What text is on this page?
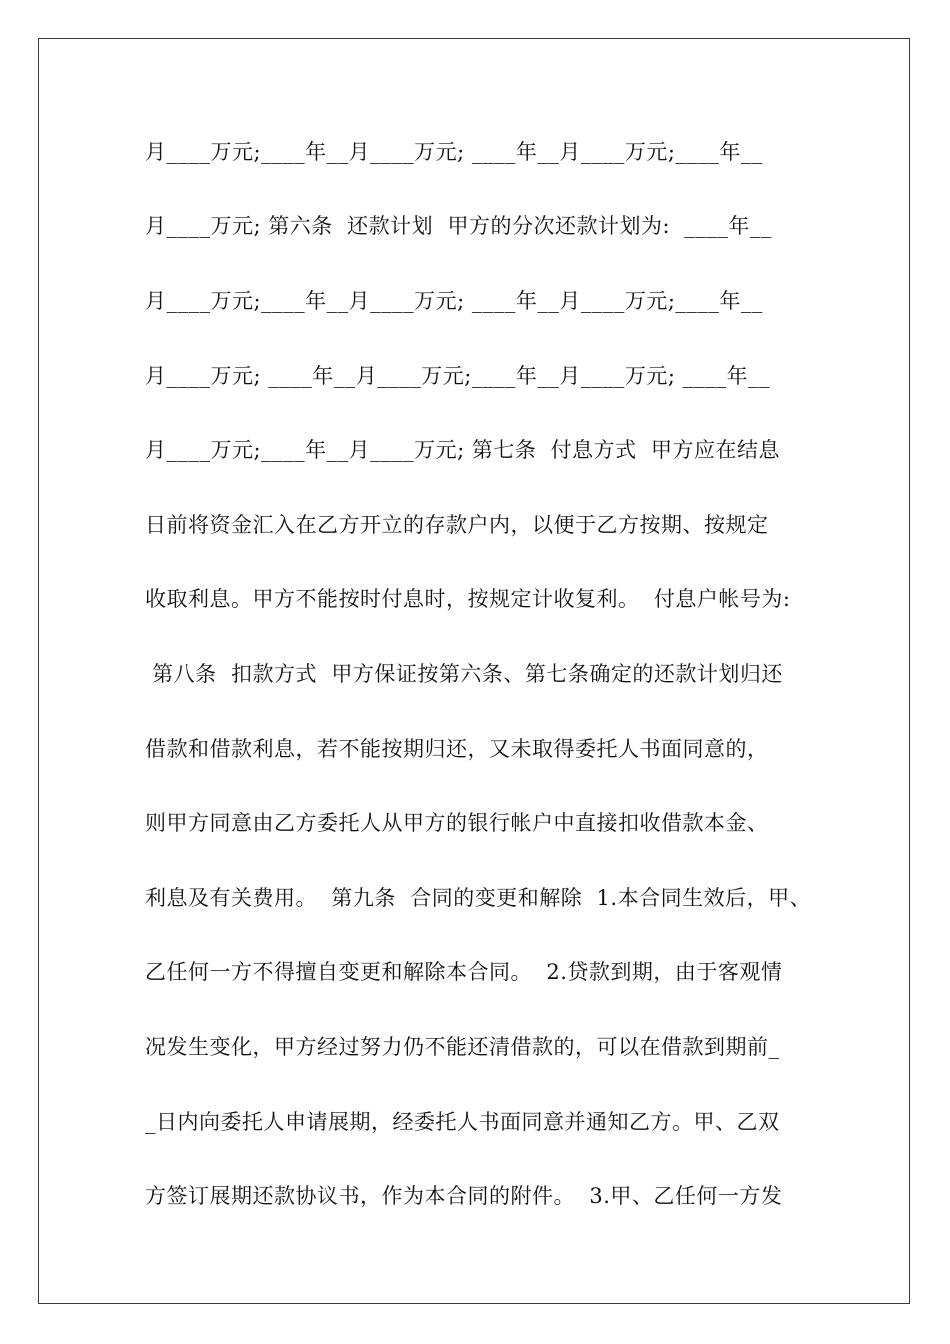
月____万元;____年__月____万元; ____年__月____万元;____年__
月____万元; 第六条  还款计划  甲方的分次还款计划为:  ____年__
月____万元;____年__月____万元; ____年__月____万元;____年__
月____万元; ____年__月____万元;____年__月____万元; ____年__
月____万元;____年__月____万元; 第七条  付息方式  甲方应在结息
日前将资金汇入在乙方开立的存款户内，以便于乙方按期、按规定
收取利息。甲方不能按时付息时，按规定计收复利。  付息户帐号为:
第八条  扣款方式  甲方保证按第六条、第七条确定的还款计划归还
借款和借款利息，若不能按期归还，又未取得委托人书面同意的，
则甲方同意由乙方委托人从甲方的银行帐户中直接扣收借款本金、
利息及有关费用。  第九条  合同的变更和解除  1.本合同生效后，甲、
乙任何一方不得擅自变更和解除本合同。  2.贷款到期，由于客观情
况发生变化，甲方经过努力仍不能还清借款的，可以在借款到期前_
_日内向委托人申请展期，经委托人书面同意并通知乙方。甲、乙双
方签订展期还款协议书，作为本合同的附件。  3.甲、乙任何一方发
